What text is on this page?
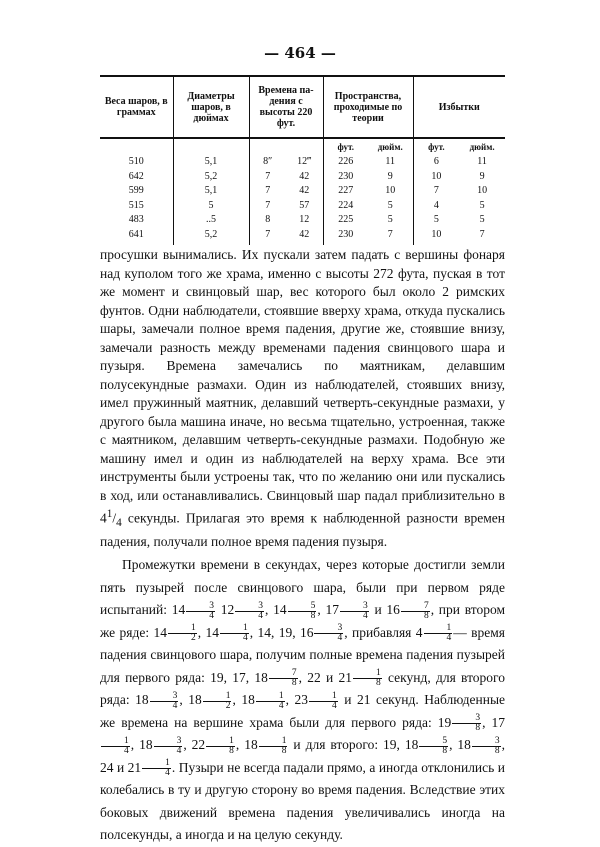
— 464 —
Веса шаров, в граммах	Диаметры шаров, в дюймах	Времена падения с высоты 220 фут.	Пространства, проходимые по теории	Избытки

			фут. дюйм.	фут. дюйм.

510	5,1	8″ 12‴	226 11	6 11

642	5,2	7 42	230 9	10 9

599	5,1	7 42	227 10	7 10

515	5	7 57	224 5	4 5

483	..5	8 12	225 5	5 5

641	5,2	7 42	230 7	10 7

просушки вынимались. Их пускали затем падать с вершины фонаря над куполом того же храма, именно с высоты 272 фута, пуская в тот же момент и свинцовый шар, вес которого был около 2 римских фунтов. Одни наблюдатели, стоявшие вверху храма, откуда пускались шары, замечали полное время падения, другие же, стоявшие внизу, замечали разность между временами падения свинцового шара и пузыря. Времена замечались по маятникам, делавшим полусекундные размахи. Один из наблюдателей, стоявших внизу, имел пружинный маятник, делавший четверть-секундные размахи, у другого была машина иначе, но весьма тщательно, устроенная, также с маятником, делавшим четверть-секундные размахи. Подобную же машину имел и один из наблюдателей на верху храма. Все эти инструменты были устроены так, что по желанию они или пускались в ход, или останавливались. Свинцовый шар падал приблизительно в $4^1/_4$ секунды. Прилагая это время к наблюденной разности времен падения, получали полное время падения пузыря.

Промежутки времени в секундах, через которые достигли земли пять пузырей после свинцового шара, были при первом ряде испытаний: $14 \frac{3}{4} 12 \frac{3}{4}$ , $14 \frac{5}{8}$ , $17 \frac{3}{4}$ и $16 \frac{7}{8}$ , при втором же ряде: $14 \frac{1}{2}$ , $14 \frac{1}{4}$ , 14, 19, $16 \frac{3}{4}$ , прибавляя $4 \frac{1}{4}$ — время падения свинцового шара, получим полные времена падения пузырей для первого ряда: 19, 17, $18 \frac{7}{8}$ , 22 и $21 \frac{1}{8}$ секунд, для второго ряда: $18 \frac{3}{4}$ , $18 \frac{1}{2}$ , $18 \frac{1}{4}$ , $23 \frac{1}{4}$ и 21 секунд. Наблюденные же времена на вершине храма были для первого ряда: $19 \frac{3}{8}$ , 17
$\frac{1}{4}$ , $18 \frac{3}{4}$ , $22 \frac{1}{8}$ , $18 \frac{1}{8}$ и для второго: 19, $18 \frac{5}{8}$ , $18 \frac{3}{8}$ , 24 и $21 \frac{1}{4}$ . Пузыри не всегда падали прямо, а иногда отклонились и колебались в ту и другую сторону во время падения. Вследствие этих боковых движений времена падения увеличивались иногда на полсекунды, а иногда и на целую секунду.
